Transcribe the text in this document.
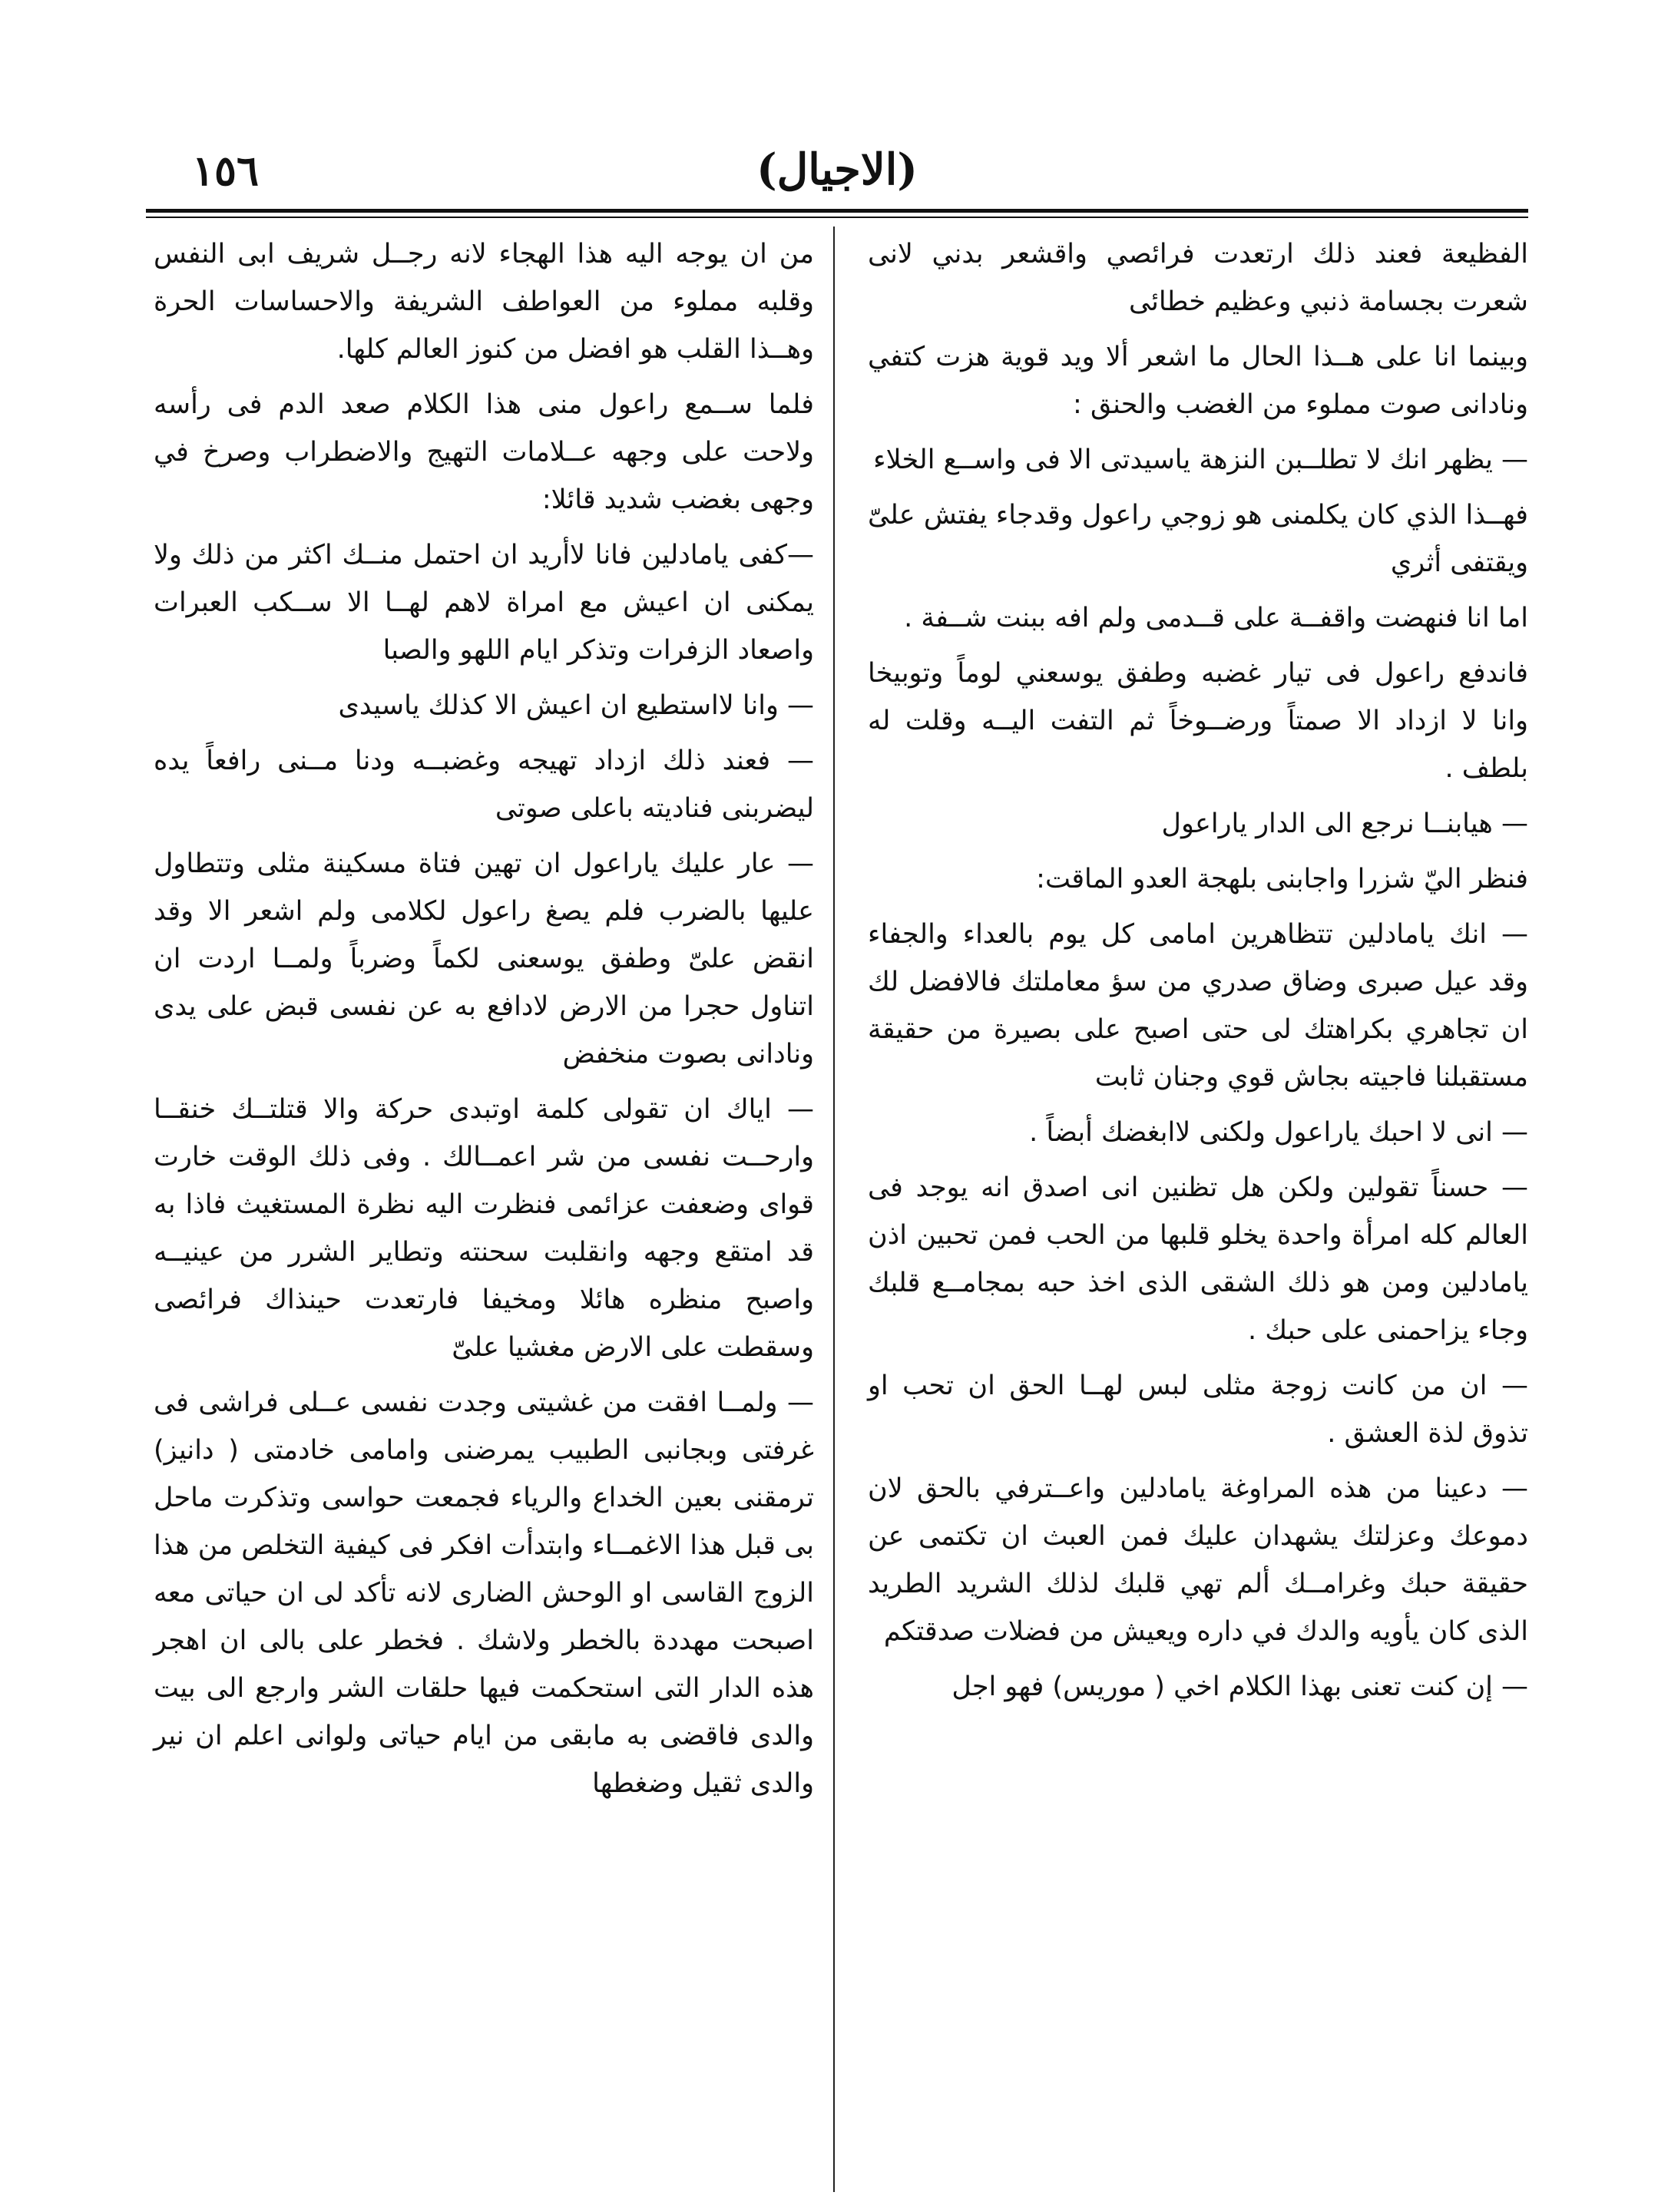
(الاجيال)
١٥٦

الفظيعة فعند ذلك ارتعدت فرائصي واقشعر بدني لانى شعرت بجسامة ذنبي وعظيم خطائى

وبينما انا على هــذا الحال ما اشعر ألا ويد قوية هزت كتفي ونادانى صوت مملوء من الغضب والحنق :

— يظهر انك لا تطلــبن النزهة ياسيدتى الا فى واســع الخلاء

فهــذا الذي كان يكلمنى هو زوجي راعول وقدجاء يفتش علىّ ويقتفى أثري

اما انا فنهضت واقفــة على قــدمى ولم افه ببنت شــفة .

فاندفع راعول فى تيار غضبه وطفق يوسعني لوماً وتوبيخا وانا لا ازداد الا صمتاً ورضــوخاً ثم التفت اليــه وقلت له بلطف .

— هيابنــا نرجع الى الدار ياراعول

فنظر اليّ شزرا واجابنى بلهجة العدو الماقت:

— انك يامادلين تتظاهرين امامى كل يوم بالعداء والجفاء وقد عيل صبرى وضاق صدري من سؤ معاملتك فالافضل لك ان تجاهري بكراهتك لى حتى اصبح على بصيرة من حقيقة مستقبلنا فاجيته بجاش قوي وجنان ثابت

— انى لا احبك ياراعول ولكنى لاابغضك أبضاً .

— حسناً تقولين ولكن هل تظنين انى اصدق انه يوجد فى العالم كله امرأة واحدة يخلو قلبها من الحب فمن تحبين اذن يامادلين ومن هو ذلك الشقى الذى اخذ حبه بمجامــع قلبك وجاء يزاحمنى على حبك .

— ان من كانت زوجة مثلى لبس لهــا الحق ان تحب او تذوق لذة العشق .

— دعينا من هذه المراوغة يامادلين واعــترفي بالحق لان دموعك وعزلتك يشهدان عليك فمن العبث ان تكتمى عن حقيقة حبك وغرامــك ألم تهي قلبك لذلك الشريد الطريد الذى كان يأويه والدك في داره ويعيش من فضلات صدقتكم

— إن كنت تعنى بهذا الكلام اخي ( موريس) فهو اجل

من ان يوجه اليه هذا الهجاء لانه رجــل شريف ابى النفس وقلبه مملوء من العواطف الشريفة والاحساسات الحرة وهــذا القلب هو افضل من كنوز العالم كلها.

فلما ســمع راعول منى هذا الكلام صعد الدم فى رأسه ولاحت على وجهه عــلامات التهيج والاضطراب وصرخ في وجهى بغضب شديد قائلا:

—كفى يامادلين فانا لاأريد ان احتمل منــك اكثر من ذلك ولا يمكنى ان اعيش مع امراة لاهم لهــا الا ســكب العبرات واصعاد الزفرات وتذكر ايام اللهو والصبا

— وانا لااستطيع ان اعيش الا كذلك ياسيدى

— فعند ذلك ازداد تهيجه وغضبــه ودنا مــنى رافعاً يده ليضربنى فناديته باعلى صوتى

— عار عليك ياراعول ان تهين فتاة مسكينة مثلى وتتطاول عليها بالضرب فلم يصغ راعول لكلامى ولم اشعر الا وقد انقض علىّ وطفق يوسعنى لكماً وضرباً ولمــا اردت ان اتناول حجرا من الارض لادافع به عن نفسى قبض على يدى ونادانى بصوت منخفض

— اياك ان تقولى كلمة اوتبدى حركة والا قتلتــك خنقــا وارحــت نفسى من شر اعمــالك . وفى ذلك الوقت خارت قواى وضعفت عزائمى فنظرت اليه نظرة المستغيث فاذا به قد امتقع وجهه وانقلبت سحنته وتطاير الشرر من عينيــه واصبح منظره هائلا ومخيفا فارتعدت حينذاك فرائصى وسقطت على الارض مغشيا علىّ

— ولمــا افقت من غشيتى وجدت نفسى عــلى فراشى فى غرفتى وبجانبى الطبيب يمرضنى وامامى خادمتى ( دانيز) ترمقنى بعين الخداع والرياء فجمعت حواسى وتذكرت ماحل بى قبل هذا الاغمــاء وابتدأت افكر فى كيفية التخلص من هذا الزوج القاسى او الوحش الضارى لانه تأكد لى ان حياتى معه اصبحت مهددة بالخطر ولاشك . فخطر على بالى ان اهجر هذه الدار التى استحكمت فيها حلقات الشر وارجع الى بيت والدى فاقضى به مابقى من ايام حياتى ولوانى اعلم ان نير والدى ثقيل وضغطها
